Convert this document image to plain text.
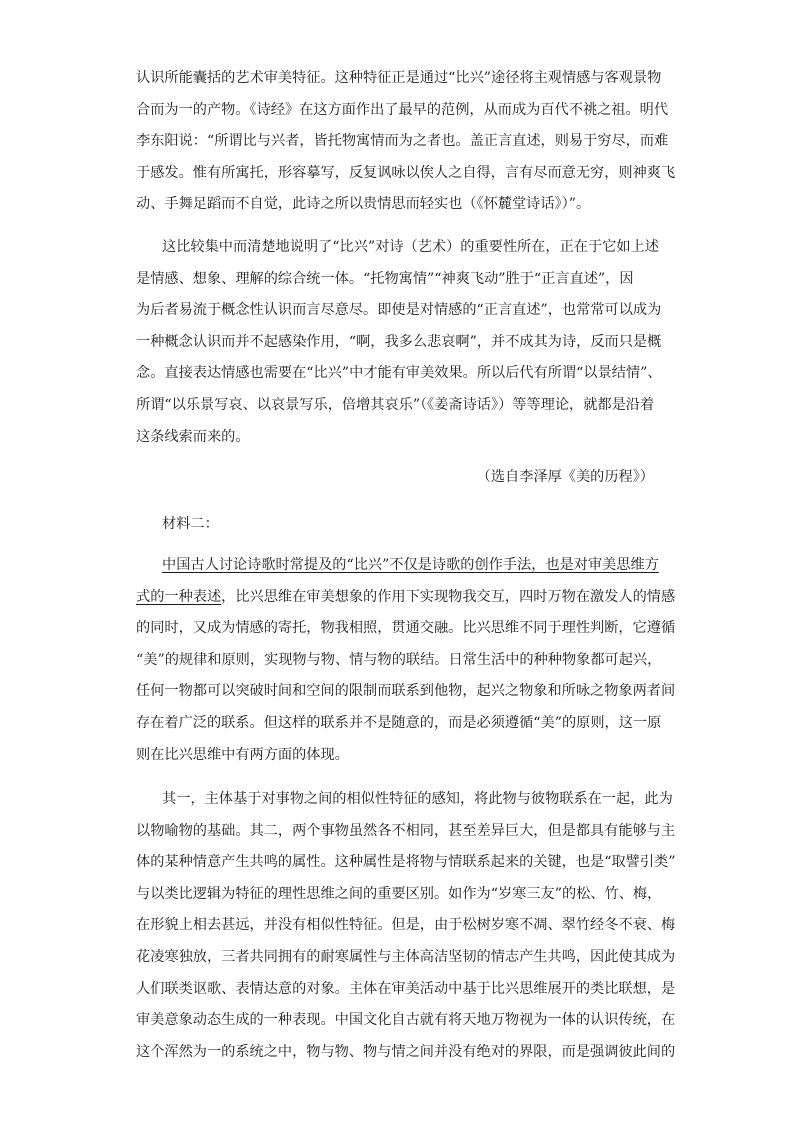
认识所能囊括的艺术审美特征。这种特征正是通过“比兴”途径将主观情感与客观景物
合而为一的产物。《诗经》在这方面作出了最早的范例，从而成为百代不祧之祖。明代
李东阳说：“所谓比与兴者，皆托物寓情而为之者也。盖正言直述，则易于穷尽，而难
于感发。惟有所寓托，形容摹写，反复讽咏以俟人之自得，言有尽而意无穷，则神爽飞
动、手舞足蹈而不自觉，此诗之所以贵情思而轻实也（《怀麓堂诗话》）”。

这比较集中而清楚地说明了“比兴”对诗（艺术）的重要性所在，正在于它如上述
是情感、想象、理解的综合统一体。“托物寓情”“神爽飞动”胜于“正言直述”，因
为后者易流于概念性认识而言尽意尽。即使是对情感的“正言直述”，也常常可以成为
一种概念认识而并不起感染作用，“啊，我多么悲哀啊”，并不成其为诗，反而只是概
念。直接表达情感也需要在“比兴”中才能有审美效果。所以后代有所谓“以景结情”、
所谓“以乐景写哀、以哀景写乐，倍增其哀乐”（《姜斋诗话》）等等理论，就都是沿着
这条线索而来的。

（选自李泽厚《美的历程》）

材料二：

中国古人讨论诗歌时常提及的“比兴”不仅是诗歌的创作手法，也是对审美思维方
式的一种表述，比兴思维在审美想象的作用下实现物我交互，四时万物在激发人的情感
的同时，又成为情感的寄托，物我相照，贯通交融。比兴思维不同于理性判断，它遵循
“美”的规律和原则，实现物与物、情与物的联结。日常生活中的种种物象都可起兴，
任何一物都可以突破时间和空间的限制而联系到他物，起兴之物象和所咏之物象两者间
存在着广泛的联系。但这样的联系并不是随意的，而是必须遵循“美”的原则，这一原
则在比兴思维中有两方面的体现。

其一，主体基于对事物之间的相似性特征的感知，将此物与彼物联系在一起，此为
以物喻物的基础。其二，两个事物虽然各不相同，甚至差异巨大，但是都具有能够与主
体的某种情意产生共鸣的属性。这种属性是将物与情联系起来的关键，也是“取譬引类”
与以类比逻辑为特征的理性思维之间的重要区别。如作为“岁寒三友”的松、竹、梅，
在形貌上相去甚远，并没有相似性特征。但是，由于松树岁寒不凋、翠竹经冬不衰、梅
花凌寒独放，三者共同拥有的耐寒属性与主体高洁坚韧的情志产生共鸣，因此使其成为
人们联类讴歌、表情达意的对象。主体在审美活动中基于比兴思维展开的类比联想，是
审美意象动态生成的一种表现。中国文化自古就有将天地万物视为一体的认识传统，在
这个浑然为一的系统之中，物与物、物与情之间并没有绝对的界限，而是强调彼此间的
